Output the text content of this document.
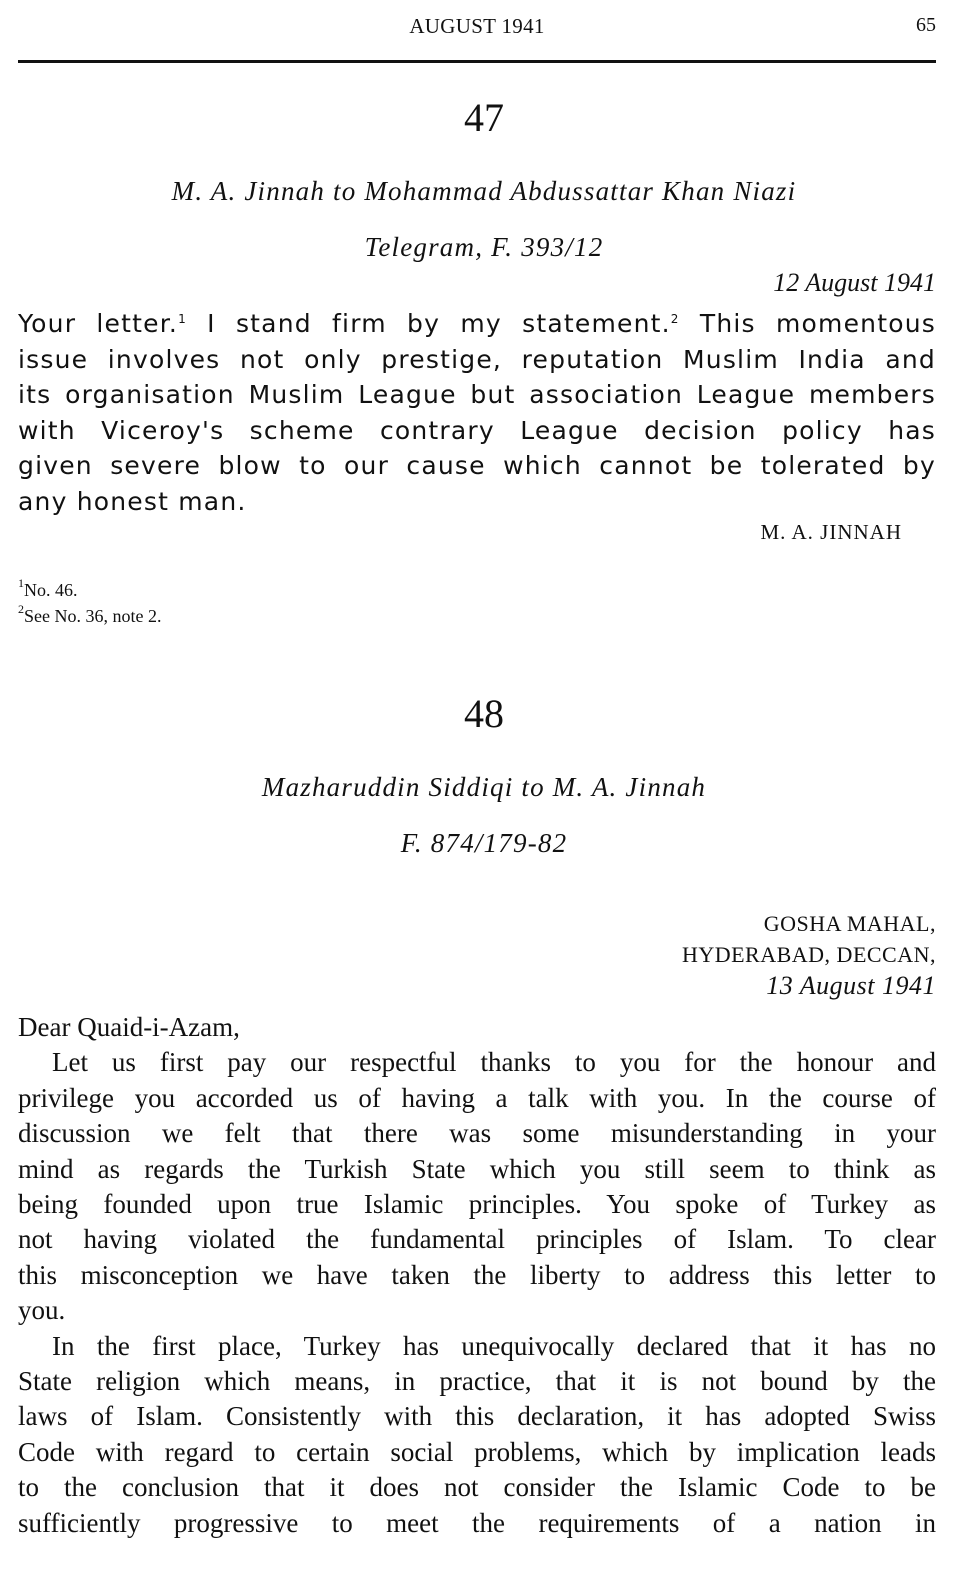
AUGUST 1941	65
47
M. A. Jinnah to Mohammad Abdussattar Khan Niazi
Telegram, F. 393/12
12 August 1941
Your letter.$^1$ I stand firm by my statement.$^2$ This momentous
issue involves not only prestige, reputation Muslim India and
its organisation Muslim League but association League members
with Viceroy's scheme contrary League decision policy has
given severe blow to our cause which cannot be tolerated by
any honest man.
M. A. JINNAH
$^1$No. 46.
$^2$See No. 36, note 2.
48
Mazharuddin Siddiqi to M. A. Jinnah
F. 874/179-82
GOSHA MAHAL,
HYDERABAD, DECCAN,
13 August 1941
Dear Quaid-i-Azam,
Let us first pay our respectful thanks to you for the honour and
privilege you accorded us of having a talk with you. In the course of
discussion we felt that there was some misunderstanding in your
mind as regards the Turkish State which you still seem to think as
being founded upon true Islamic principles. You spoke of Turkey as
not having violated the fundamental principles of Islam. To clear
this misconception we have taken the liberty to address this letter to
you.
In the first place, Turkey has unequivocally declared that it has no
State religion which means, in practice, that it is not bound by the
laws of Islam. Consistently with this declaration, it has adopted Swiss
Code with regard to certain social problems, which by implication leads
to the conclusion that it does not consider the Islamic Code to be
sufficiently progressive to meet the requirements of a nation in
